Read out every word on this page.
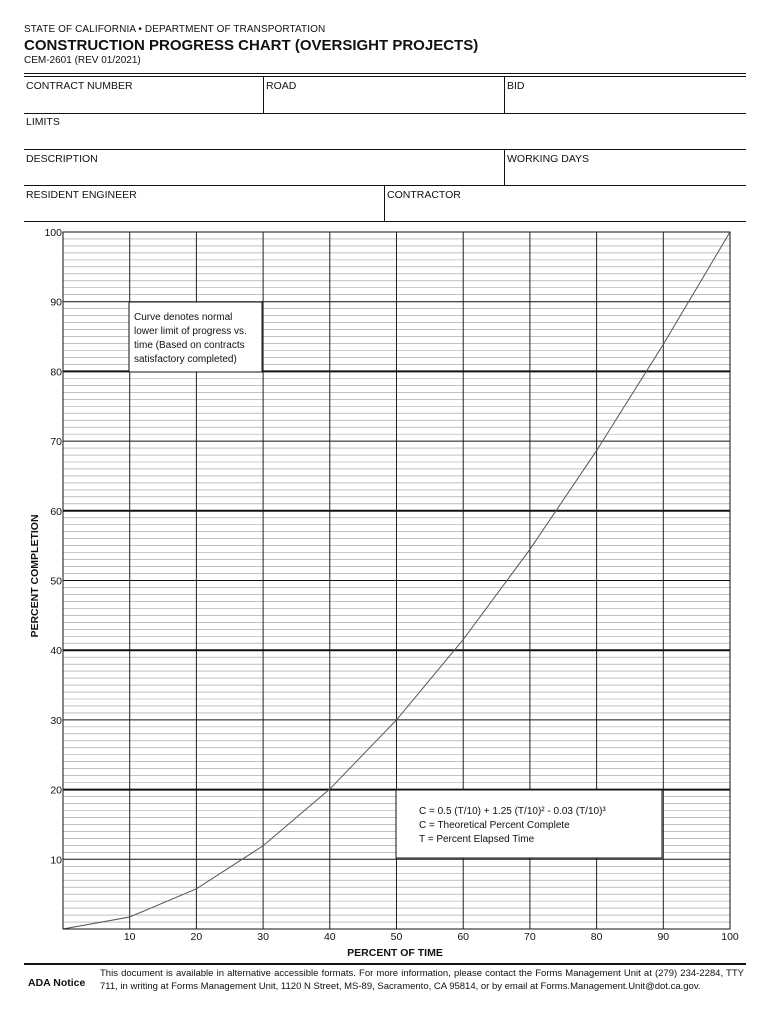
STATE OF CALIFORNIA • DEPARTMENT OF TRANSPORTATION
CONSTRUCTION PROGRESS CHART (OVERSIGHT PROJECTS)
CEM-2601 (REV 01/2021)
CONTRACT NUMBER	ROAD	BID
LIMITS
DESCRIPTION	WORKING DAYS
RESIDENT ENGINEER	CONTRACTOR
10	20	30	40	50	60	70	80	90	100
10
20
30
40
50
60
70
80
90
100
Curve denotes normal lower limit of progress vs. time (Based on contracts satisfactory completed)
C = 0.5 (T/10) + 1.25 (T/10)² - 0.03 (T/10)³ C = Theoretical Percent Complete T = Percent Elapsed Time
PERCENT COMPLETION
PERCENT OF TIME
ADA Notice
This document is available in alternative accessible formats. For more information, please contact the Forms Management Unit at (279) 234-2284, TTY 711, in writing at Forms Management Unit, 1120 N Street, MS-89, Sacramento, CA 95814, or by email at Forms.Management.Unit@dot.ca.gov.
